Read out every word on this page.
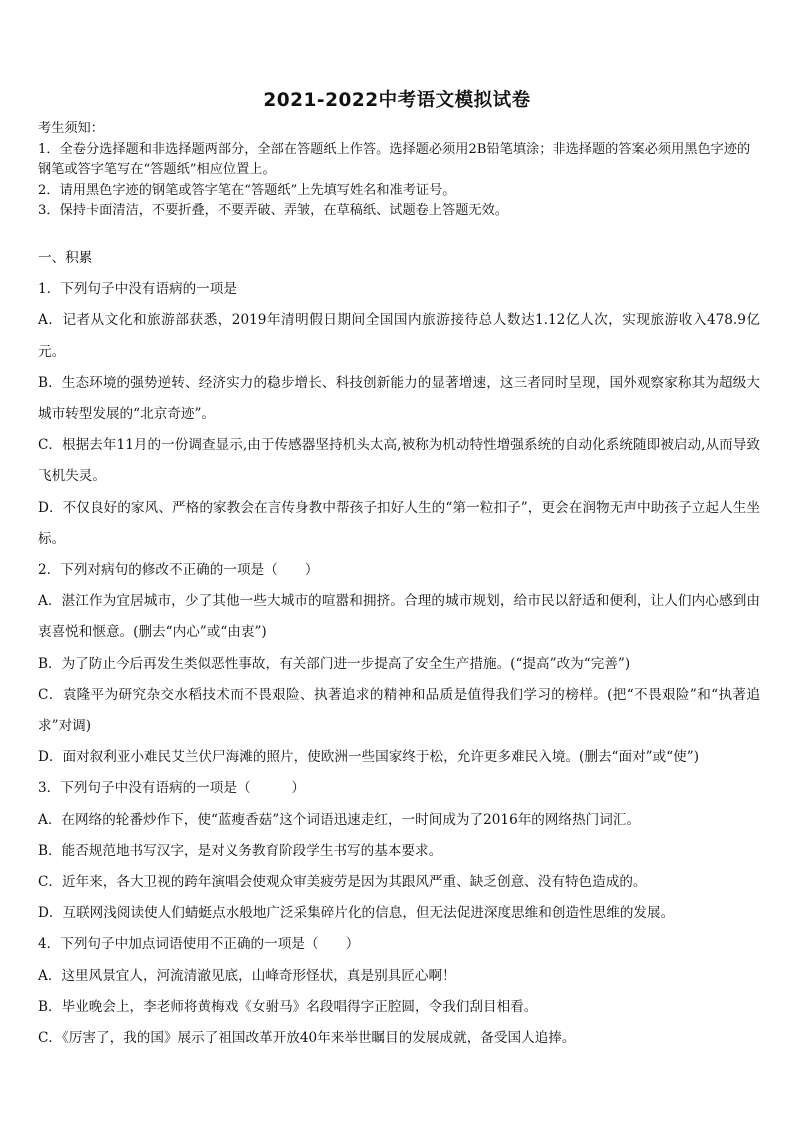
2021-2022中考语文模拟试卷
考生须知：
1．全卷分选择题和非选择题两部分，全部在答题纸上作答。选择题必须用2B铅笔填涂；非选择题的答案必须用黑色字迹的钢笔或答字笔写在“答题纸”相应位置上。
2．请用黑色字迹的钢笔或答字笔在“答题纸”上先填写姓名和准考证号。
3．保持卡面清洁，不要折叠，不要弄破、弄皱，在草稿纸、试题卷上答题无效。

一、积累

1．下列句子中没有语病的一项是

A．记者从文化和旅游部获悉，2019年清明假日期间全国国内旅游接待总人数达1.12亿人次，实现旅游收入478.9亿元。

B．生态环境的强势逆转、经济实力的稳步增长、科技创新能力的显著增速，这三者同时呈现，国外观察家称其为超级大城市转型发展的“北京奇迹”。

C．根据去年11月的一份调查显示,由于传感器坚持机头太高,被称为机动特性增强系统的自动化系统随即被启动,从而导致飞机失灵。

D．不仅良好的家风、严格的家教会在言传身教中帮孩子扣好人生的“第一粒扣子”，更会在润物无声中助孩子立起人生坐标。

2．下列对病句的修改不正确的一项是（　　）

A．湛江作为宜居城市，少了其他一些大城市的喧嚣和拥挤。合理的城市规划，给市民以舒适和便利，让人们内心感到由衷喜悦和惬意。(删去“内心”或“由衷”)

B．为了防止今后再发生类似恶性事故，有关部门进一步提高了安全生产措施。(“提高”改为“完善”)

C．袁隆平为研究杂交水稻技术而不畏艰险、执著追求的精神和品质是值得我们学习的榜样。(把“不畏艰险”和“执著追求”对调)

D．面对叙利亚小难民艾兰伏尸海滩的照片，使欧洲一些国家终于松，允许更多难民入境。(删去“面对”或“使”)

3．下列句子中没有语病的一项是（　　　）

A．在网络的轮番炒作下，使“蓝瘦香菇”这个词语迅速走红，一时间成为了2016年的网络热门词汇。

B．能否规范地书写汉字，是对义务教育阶段学生书写的基本要求。

C．近年来，各大卫视的跨年演唱会使观众审美疲劳是因为其跟风严重、缺乏创意、没有特色造成的。

D．互联网浅阅读使人们蜻蜓点水般地广泛采集碎片化的信息，但无法促进深度思维和创造性思维的发展。

4．下列句子中加点词语使用不正确的一项是（　　）

A．这里风景宜人，河流清澈见底，山峰奇形怪状，真是别具匠心啊！

B．毕业晚会上，李老师将黄梅戏《女驸马》名段唱得字正腔圆，令我们刮目相看。

C．《厉害了，我的国》展示了祖国改革开放40年来举世瞩目的发展成就，备受国人追捧。
